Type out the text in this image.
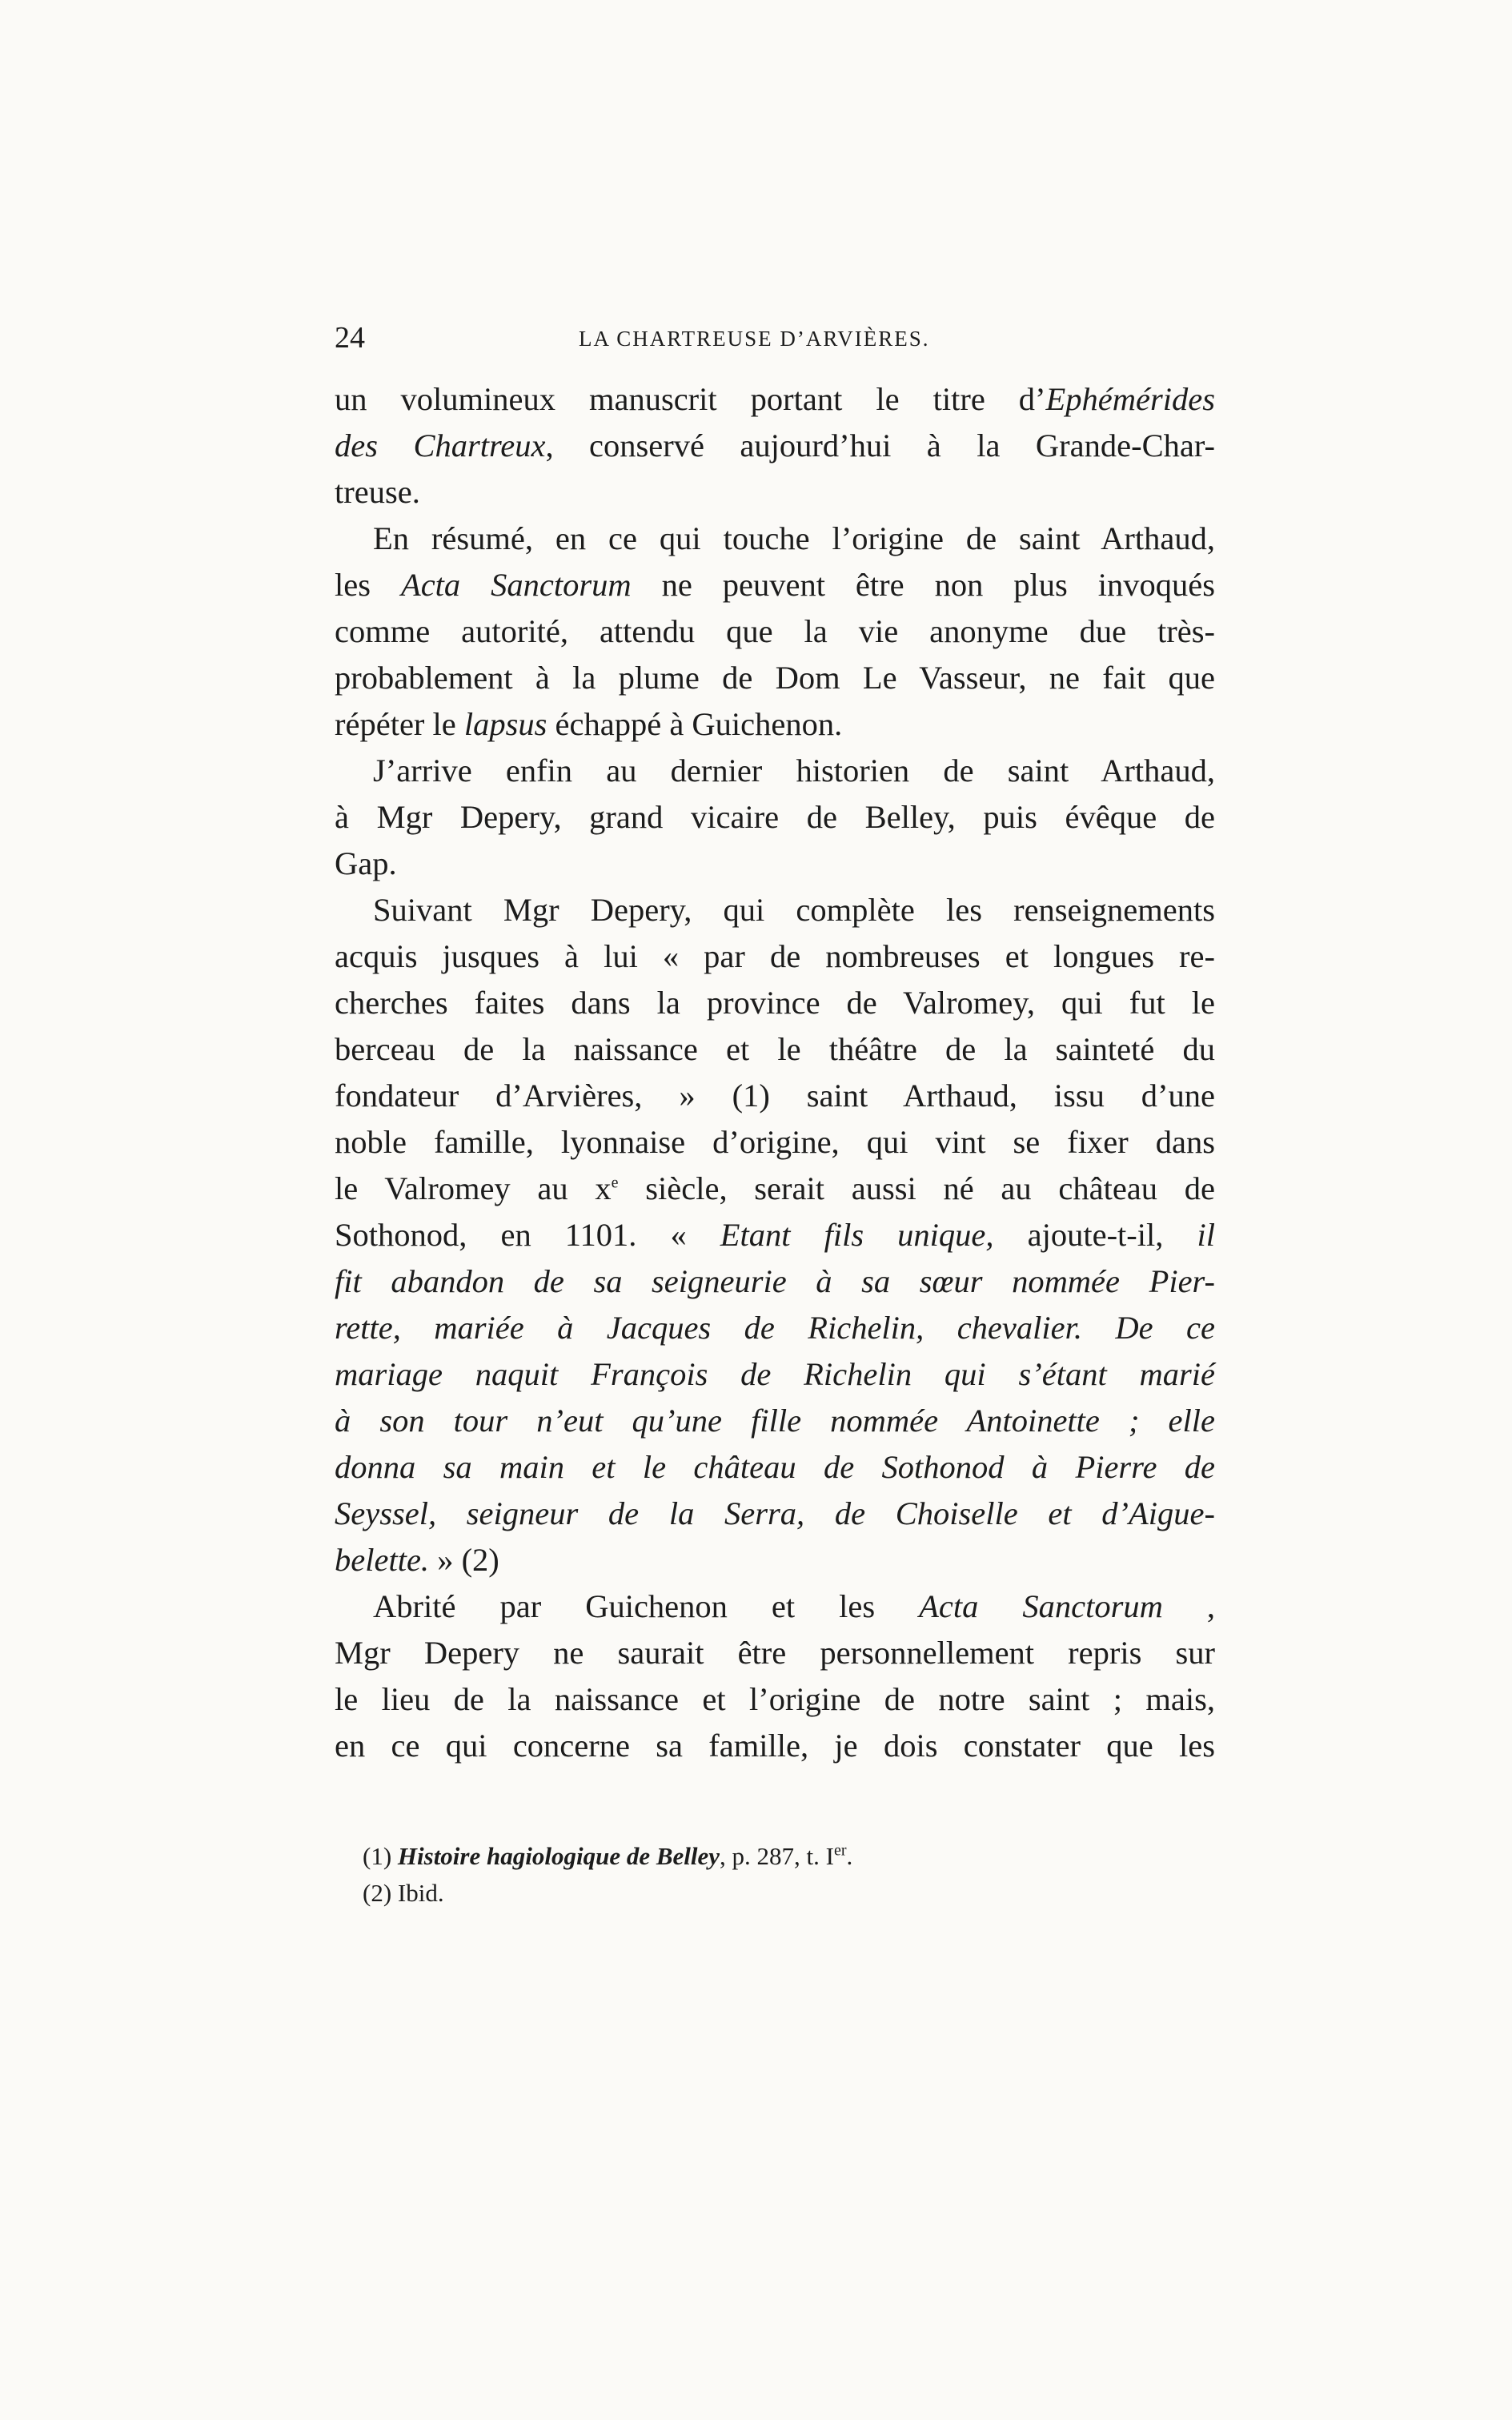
24	LA CHARTREUSE D’ARVIÈRES.
un volumineux manuscrit portant le titre d’Ephémérides
des Chartreux, conservé aujourd’hui à la Grande-Char-
treuse.
En résumé, en ce qui touche l’origine de saint Arthaud,
les Acta Sanctorum ne peuvent être non plus invoqués
comme autorité, attendu que la vie anonyme due très-
probablement à la plume de Dom Le Vasseur, ne fait que
répéter le lapsus échappé à Guichenon.
J’arrive enfin au dernier historien de saint Arthaud,
à Mgr Depery, grand vicaire de Belley, puis évêque de
Gap.
Suivant Mgr Depery, qui complète les renseignements
acquis jusques à lui « par de nombreuses et longues re-
cherches faites dans la province de Valromey, qui fut le
berceau de la naissance et le théâtre de la sainteté du
fondateur d’Arvières, » (1) saint Arthaud, issu d’une
noble famille, lyonnaise d’origine, qui vint se fixer dans
le Valromey au $x^e$ siècle, serait aussi né au château de
Sothonod, en 1101. « Etant fils unique, ajoute-t-il, il
fit abandon de sa seigneurie à sa sœur nommée Pier-
rette, mariée à Jacques de Richelin, chevalier. De ce
mariage naquit François de Richelin qui s’étant marié
à son tour n’eut qu’une fille nommée Antoinette ; elle
donna sa main et le château de Sothonod à Pierre de
Seyssel, seigneur de la Serra, de Choiselle et d’Aigue-
belette. » (2)
Abrité par Guichenon et les Acta Sanctorum ,
Mgr Depery ne saurait être personnellement repris sur
le lieu de la naissance et l’origine de notre saint ; mais,
en ce qui concerne sa famille, je dois constater que les
(1) Histoire hagiologique de Belley, p. 287, t. Ier.
(2) Ibid.
